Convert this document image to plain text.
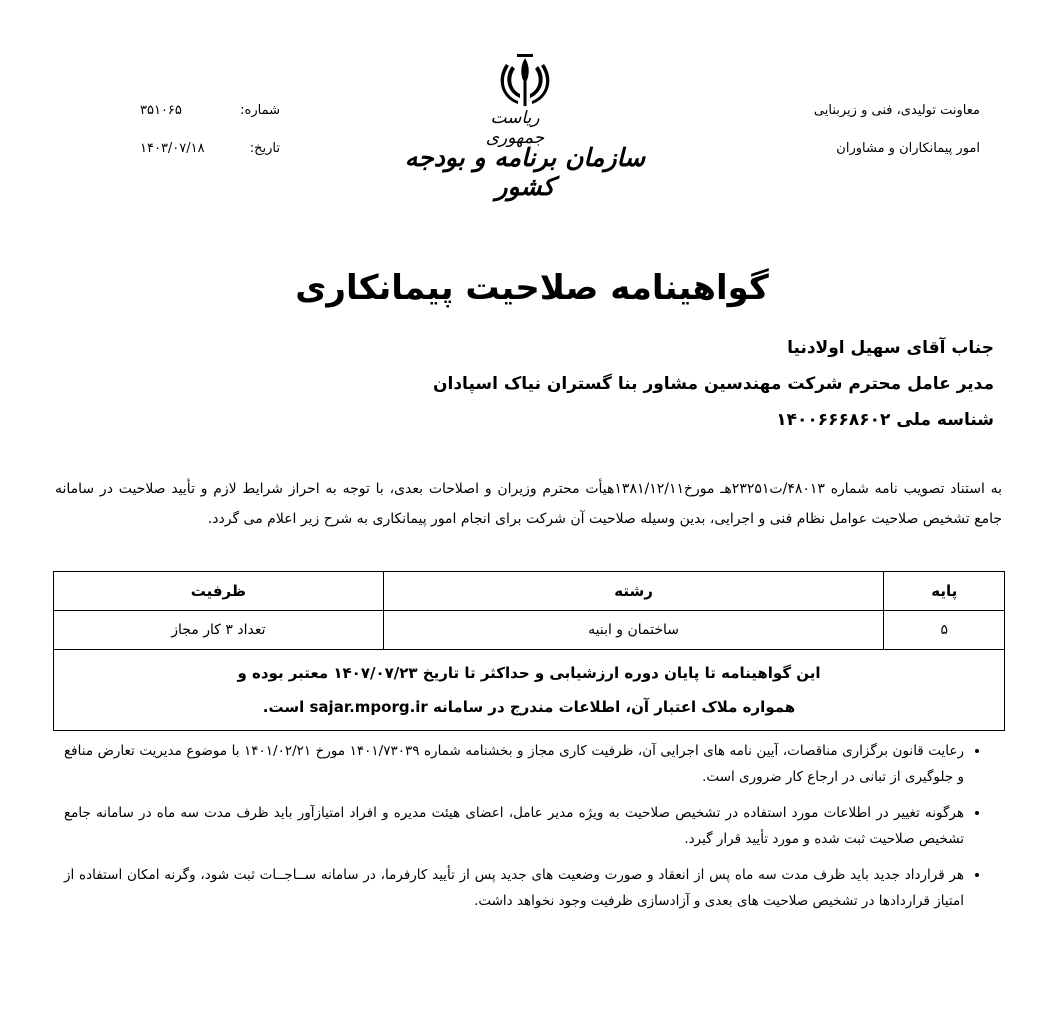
معاونت تولیدی، فنی و زیربنایی
امور پیمانکاران و مشاوران
ریاست جمهوری
سازمان برنامه و بودجه کشور
شماره:
۳۵۱۰۶۵
تاریخ:
۱۴۰۳/۰۷/۱۸
گواهینامه صلاحیت پیمانکاری
جناب آقای سهیل اولادنیا
مدیر عامل محترم شرکت مهندسین مشاور بنا گستران نیاک اسپادان
شناسه ملی ۱۴۰۰۶۶۶۸۶۰۲
به استناد تصویب نامه شماره ۴۸۰۱۳/ت۲۳۲۵۱هـ مورخ۱۳۸۱/۱۲/۱۱هیأت محترم وزیران و اصلاحات بعدی، با توجه به احراز شرایط لازم و تأیید صلاحیت در سامانه جامع تشخیص صلاحیت عوامل نظام فنی و اجرایی، بدین وسیله صلاحیت آن شرکت برای انجام امور پیمانکاری به شرح زیر اعلام می گردد.
پایه	رشته	ظرفیت
۵	ساختمان و ابنیه	تعداد ۳ کار مجاز

این گواهینامه تا پایان دوره ارزشیابی و حداکثر تا تاریخ ۱۴۰۷/۰۷/۲۳ معتبر بوده و
همواره ملاک اعتبار آن، اطلاعات مندرج در سامانه sajar.mporg.ir است.		
• رعایت قانون برگزاری مناقصات، آیین نامه های اجرایی آن، ظرفیت کاری مجاز و بخشنامه شماره ۱۴۰۱/۷۳۰۳۹ مورخ ۱۴۰۱/۰۲/۲۱ با موضوع مدیریت تعارض منافع و جلوگیری از تبانی در ارجاع کار ضروری است.
• هرگونه تغییر در اطلاعات مورد استفاده در تشخیص صلاحیت به ویژه مدیر عامل، اعضای هیئت مدیره و افراد امتیازآور باید ظرف مدت سه ماه در سامانه جامع تشخیص صلاحیت ثبت شده و مورد تأیید قرار گیرد.
• هر قرارداد جدید باید ظرف مدت سه ماه پس از انعقاد و صورت وضعیت های جدید پس از تأیید کارفرما، در سامانه ســاجــات ثبت شود، وگرنه امکان استفاده از امتیاز قراردادها در تشخیص صلاحیت های بعدی و آزادسازی ظرفیت وجود نخواهد داشت.
